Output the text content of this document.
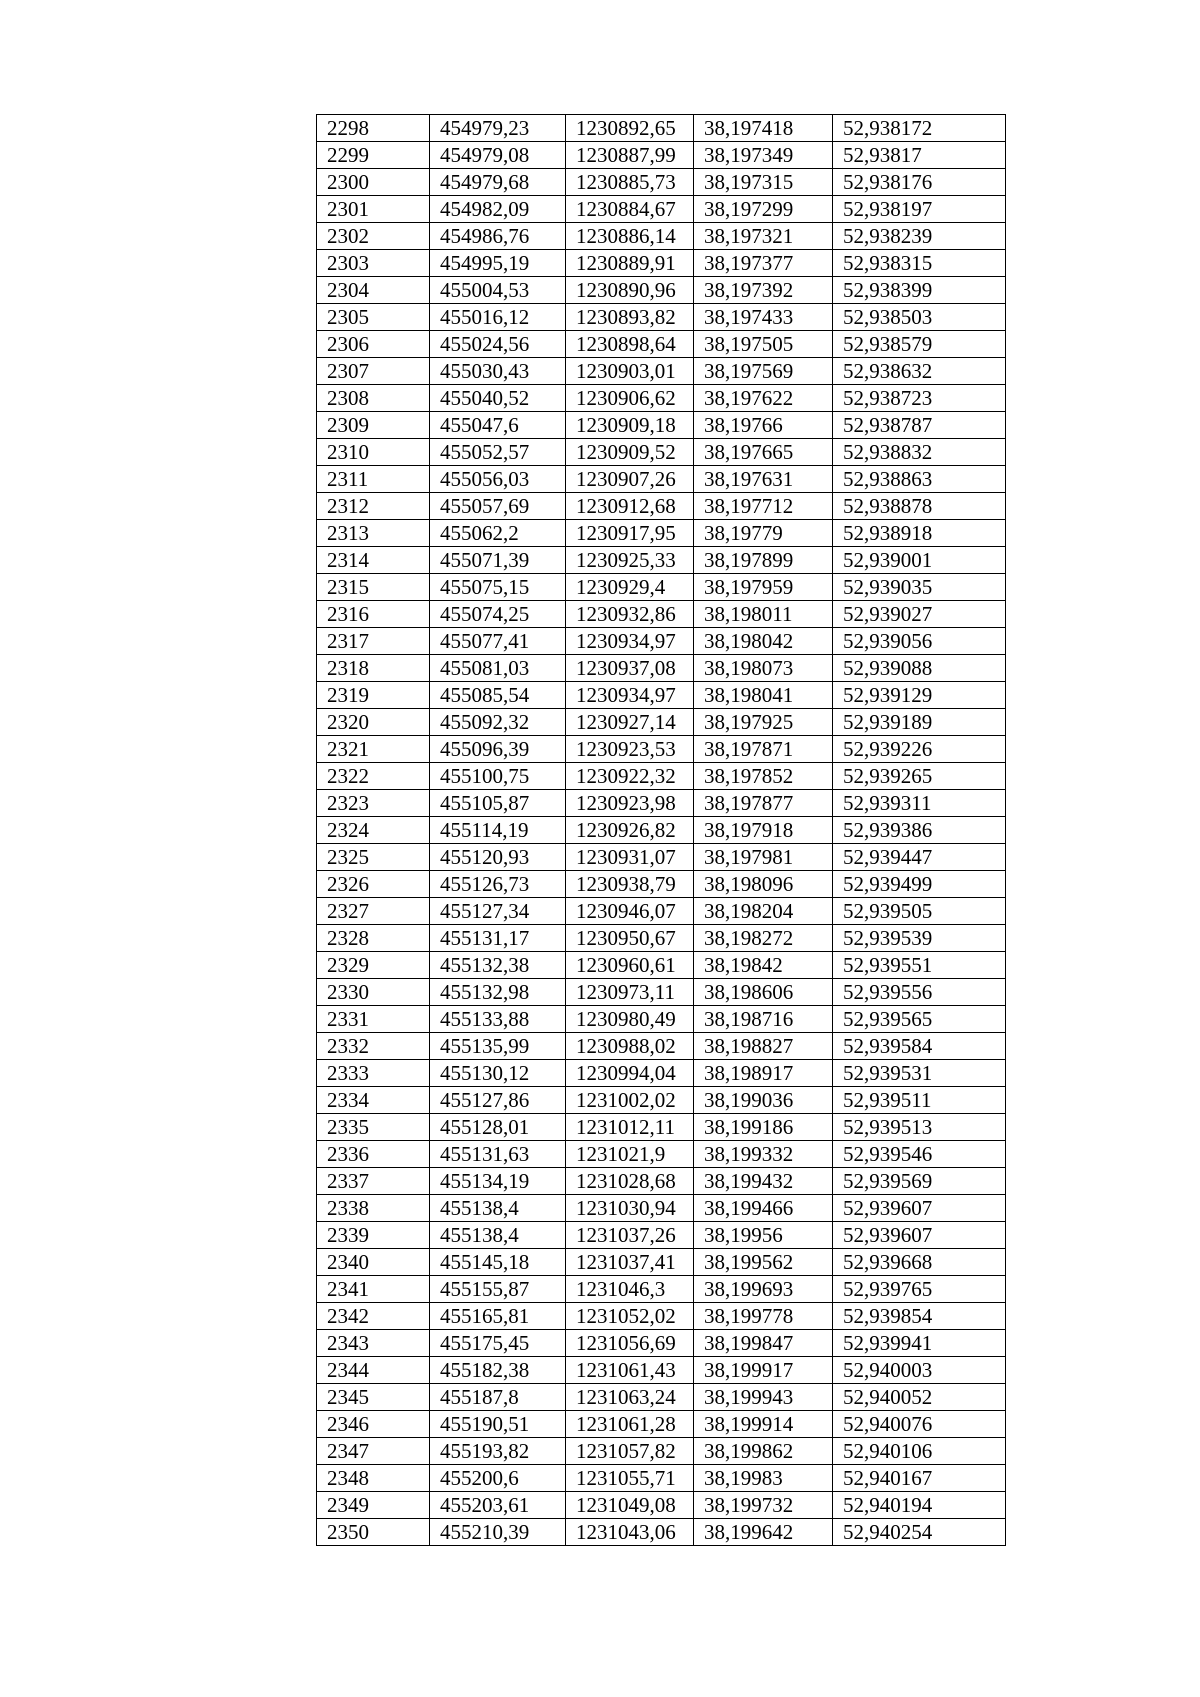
2298	454979,23	1230892,65	38,197418	52,938172
2299	454979,08	1230887,99	38,197349	52,93817
2300	454979,68	1230885,73	38,197315	52,938176
2301	454982,09	1230884,67	38,197299	52,938197
2302	454986,76	1230886,14	38,197321	52,938239
2303	454995,19	1230889,91	38,197377	52,938315
2304	455004,53	1230890,96	38,197392	52,938399
2305	455016,12	1230893,82	38,197433	52,938503
2306	455024,56	1230898,64	38,197505	52,938579
2307	455030,43	1230903,01	38,197569	52,938632
2308	455040,52	1230906,62	38,197622	52,938723
2309	455047,6	1230909,18	38,19766	52,938787
2310	455052,57	1230909,52	38,197665	52,938832
2311	455056,03	1230907,26	38,197631	52,938863
2312	455057,69	1230912,68	38,197712	52,938878
2313	455062,2	1230917,95	38,19779	52,938918
2314	455071,39	1230925,33	38,197899	52,939001
2315	455075,15	1230929,4	38,197959	52,939035
2316	455074,25	1230932,86	38,198011	52,939027
2317	455077,41	1230934,97	38,198042	52,939056
2318	455081,03	1230937,08	38,198073	52,939088
2319	455085,54	1230934,97	38,198041	52,939129
2320	455092,32	1230927,14	38,197925	52,939189
2321	455096,39	1230923,53	38,197871	52,939226
2322	455100,75	1230922,32	38,197852	52,939265
2323	455105,87	1230923,98	38,197877	52,939311
2324	455114,19	1230926,82	38,197918	52,939386
2325	455120,93	1230931,07	38,197981	52,939447
2326	455126,73	1230938,79	38,198096	52,939499
2327	455127,34	1230946,07	38,198204	52,939505
2328	455131,17	1230950,67	38,198272	52,939539
2329	455132,38	1230960,61	38,19842	52,939551
2330	455132,98	1230973,11	38,198606	52,939556
2331	455133,88	1230980,49	38,198716	52,939565
2332	455135,99	1230988,02	38,198827	52,939584
2333	455130,12	1230994,04	38,198917	52,939531
2334	455127,86	1231002,02	38,199036	52,939511
2335	455128,01	1231012,11	38,199186	52,939513
2336	455131,63	1231021,9	38,199332	52,939546
2337	455134,19	1231028,68	38,199432	52,939569
2338	455138,4	1231030,94	38,199466	52,939607
2339	455138,4	1231037,26	38,19956	52,939607
2340	455145,18	1231037,41	38,199562	52,939668
2341	455155,87	1231046,3	38,199693	52,939765
2342	455165,81	1231052,02	38,199778	52,939854
2343	455175,45	1231056,69	38,199847	52,939941
2344	455182,38	1231061,43	38,199917	52,940003
2345	455187,8	1231063,24	38,199943	52,940052
2346	455190,51	1231061,28	38,199914	52,940076
2347	455193,82	1231057,82	38,199862	52,940106
2348	455200,6	1231055,71	38,19983	52,940167
2349	455203,61	1231049,08	38,199732	52,940194
2350	455210,39	1231043,06	38,199642	52,940254
